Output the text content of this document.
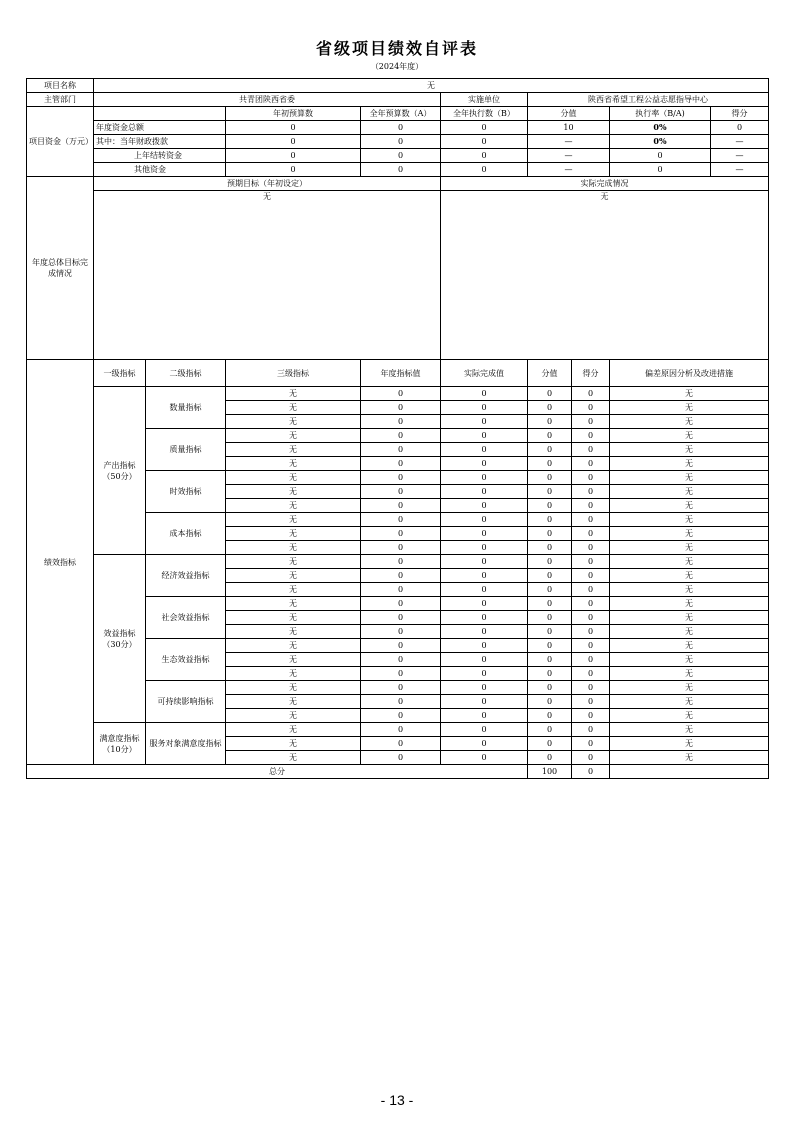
省级项目绩效自评表
（2024年度）
项目名称	无								
主管部门	共青团陕西省委				实施单位	陕西省希望工程公益志愿指导中心			
项目资金（万元）			年初预算数	全年预算数（A）	全年执行数（B）	分值		执行率（B/A)	得分
	年度资金总额		0	0	0	10		0%	0
	其中：当年财政拨款		0	0	0	—		0%	—
	上年结转资金		0	0	0	—		0	—
	其他资金		0	0	0	—		0	—
年度总体目标完成情况	预期目标（年初设定）				实际完成情况				
	无				无				
绩效指标	一级指标	二级指标	三级指标	年度指标值	实际完成值	分值	得分	偏差原因分析及改进措施	
	产出指标（50分）	数量指标	无	0	0	0	0	无	
			无	0	0	0	0	无	
			无	0	0	0	0	无	
		质量指标	无	0	0	0	0	无	
			无	0	0	0	0	无	
			无	0	0	0	0	无	
		时效指标	无	0	0	0	0	无	
			无	0	0	0	0	无	
			无	0	0	0	0	无	
		成本指标	无	0	0	0	0	无	
			无	0	0	0	0	无	
			无	0	0	0	0	无	
	效益指标（30分）	经济效益指标	无	0	0	0	0	无	
			无	0	0	0	0	无	
			无	0	0	0	0	无	
		社会效益指标	无	0	0	0	0	无	
			无	0	0	0	0	无	
			无	0	0	0	0	无	
		生态效益指标	无	0	0	0	0	无	
			无	0	0	0	0	无	
			无	0	0	0	0	无	
		可持续影响指标	无	0	0	0	0	无	
			无	0	0	0	0	无	
			无	0	0	0	0	无	
	满意度指标（10分）	服务对象满意度指标	无	0	0	0	0	无	
			无	0	0	0	0	无	
			无	0	0	0	0	无	
总分						100	0		
- 13 -
